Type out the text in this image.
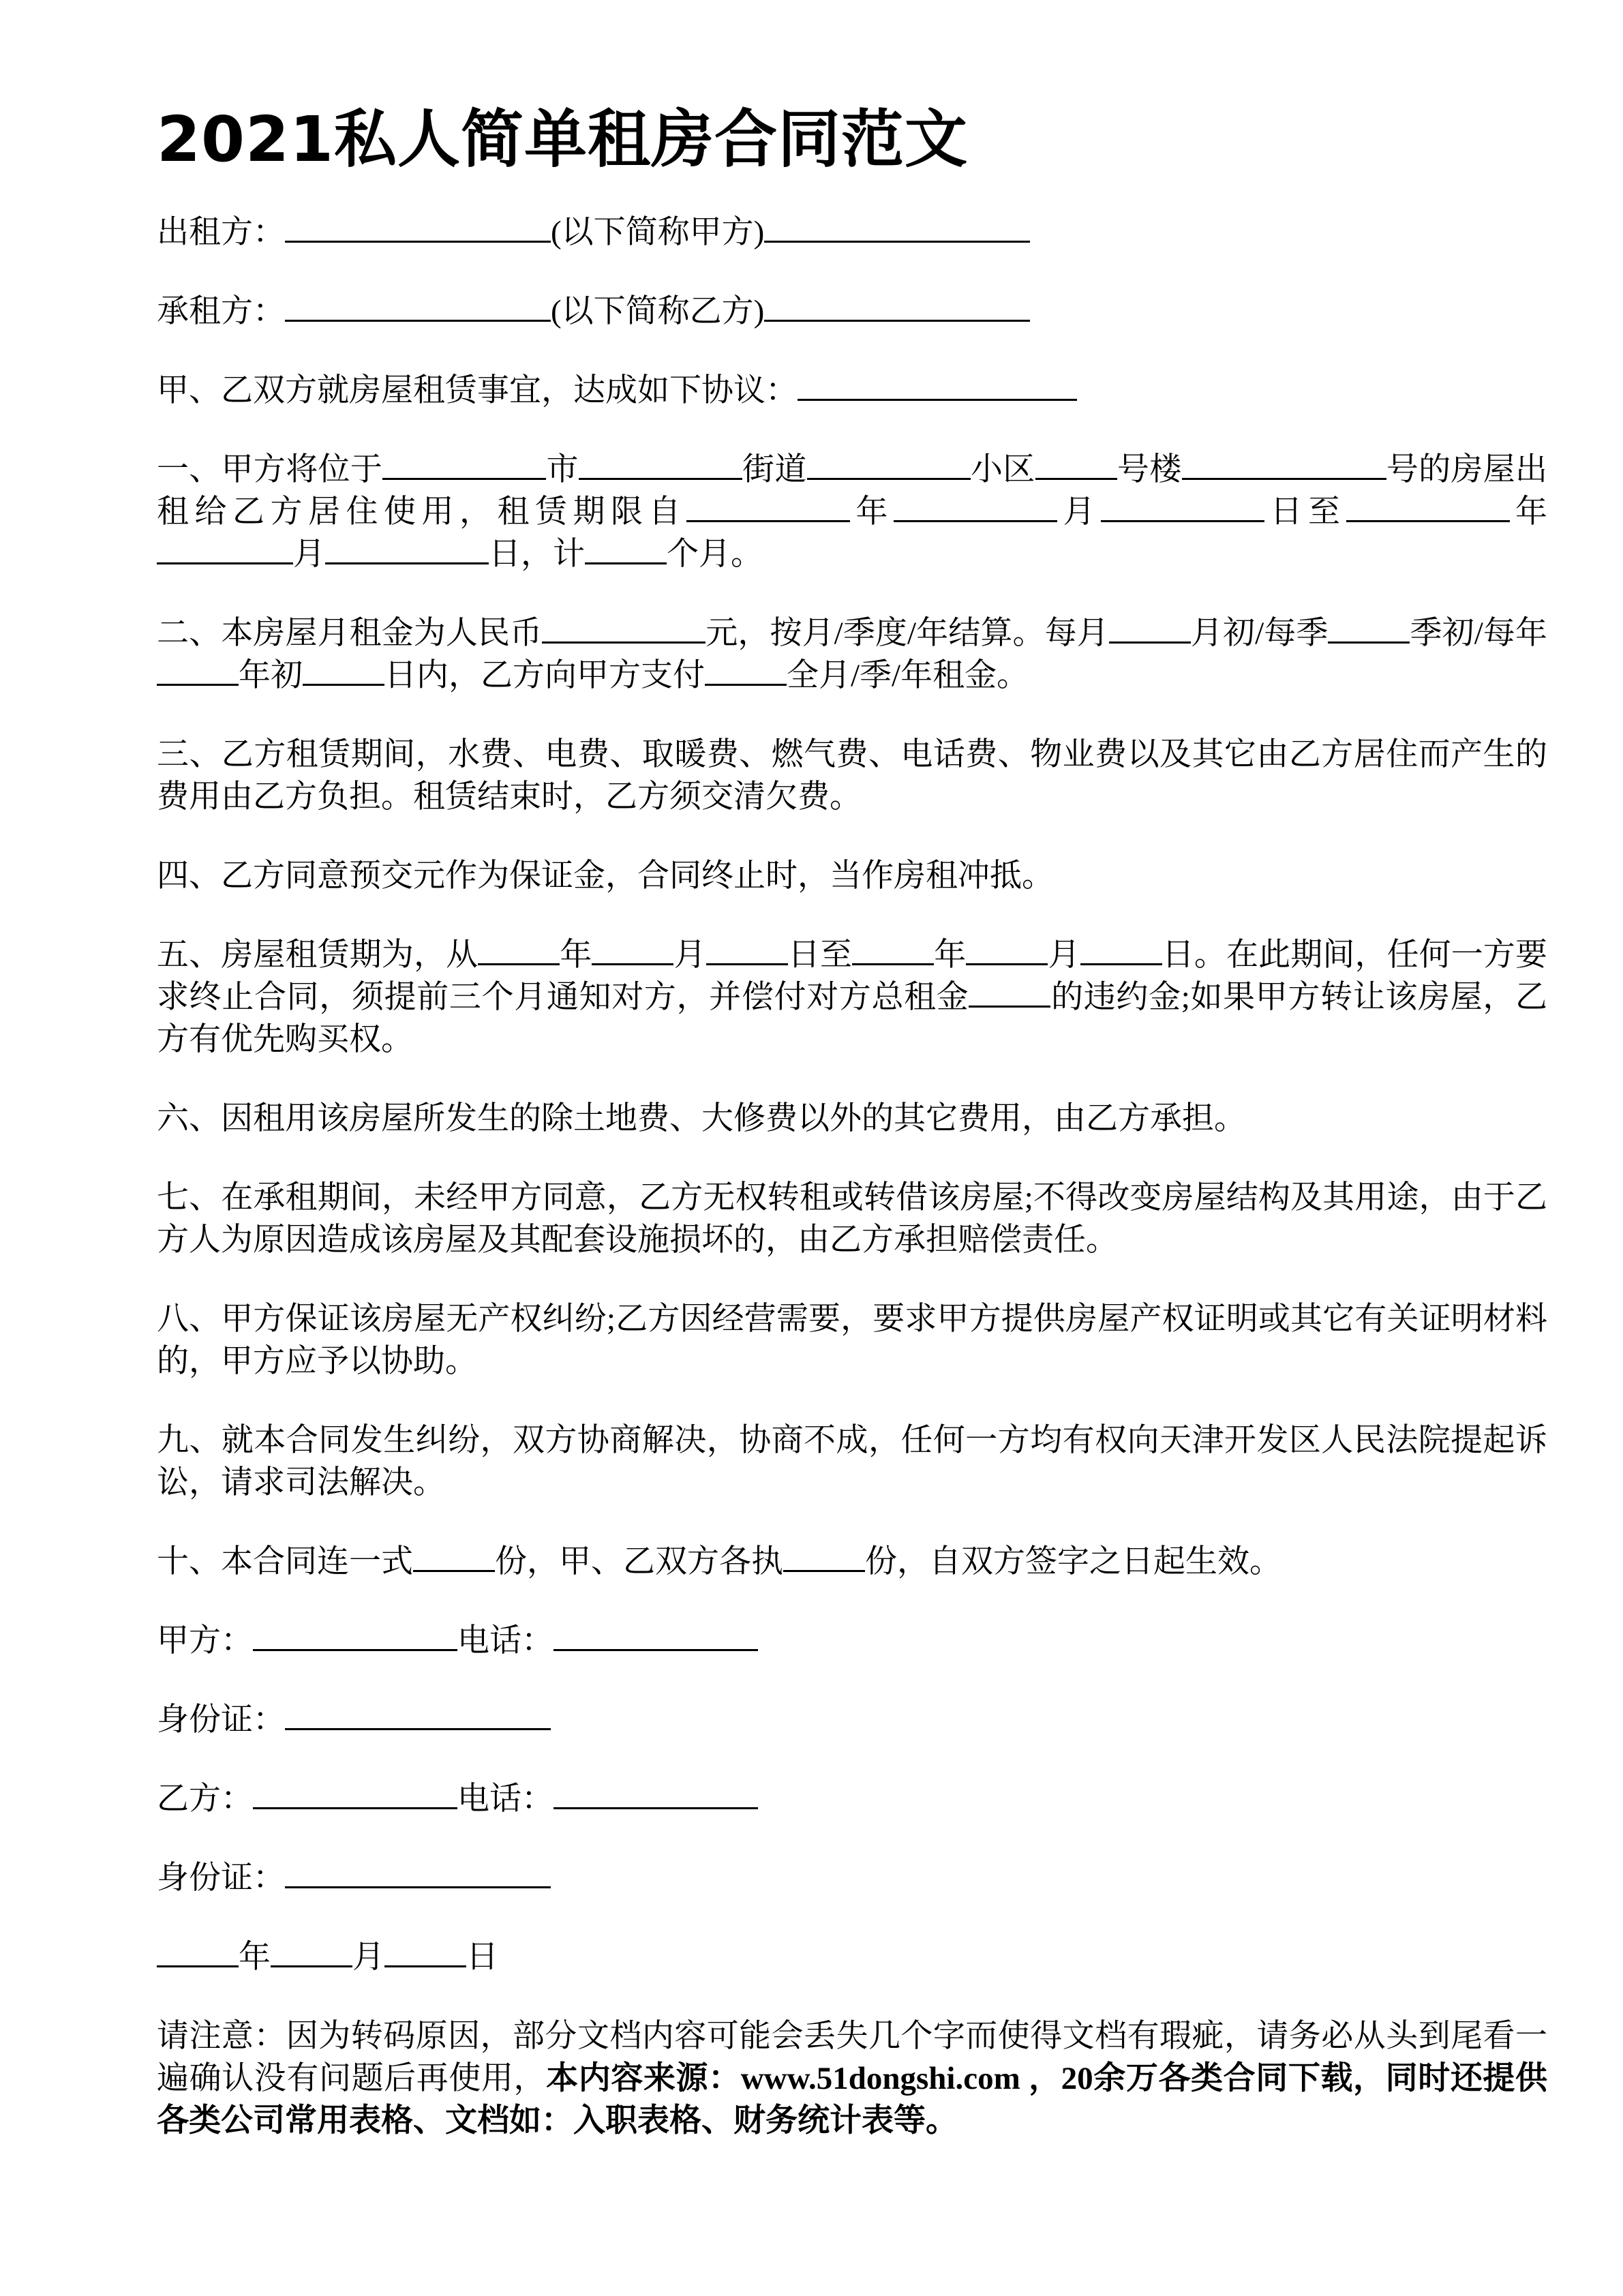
2021私人简单租房合同范文
出租方：	(以下简称甲方)
承租方：	(以下简称乙方)
甲、乙双方就房屋租赁事宜，达成如下协议：
一、甲方将位于	市	街道	小区	号楼	号的房屋出租给乙方居住使用，租赁期限自	年	月	日至	年月	日，计	个月。
二、本房屋月租金为人民币	元，按月/季度/年结算。每月	月初/每季	季初/每年年初	日内，乙方向甲方支付	全月/季/年租金。
三、乙方租赁期间，水费、电费、取暖费、燃气费、电话费、物业费以及其它由乙方居住而产生的费用由乙方负担。租赁结束时，乙方须交清欠费。
四、乙方同意预交元作为保证金，合同终止时，当作房租冲抵。
五、房屋租赁期为，从	年	月	日至	年	月	日。在此期间，任何一方要求终止合同，须提前三个月通知对方，并偿付对方总租金	的违约金;如果甲方转让该房屋，乙方有优先购买权。
六、因租用该房屋所发生的除土地费、大修费以外的其它费用，由乙方承担。
七、在承租期间，未经甲方同意，乙方无权转租或转借该房屋;不得改变房屋结构及其用途，由于乙方人为原因造成该房屋及其配套设施损坏的，由乙方承担赔偿责任。
八、甲方保证该房屋无产权纠纷;乙方因经营需要，要求甲方提供房屋产权证明或其它有关证明材料的，甲方应予以协助。
九、就本合同发生纠纷，双方协商解决，协商不成，任何一方均有权向天津开发区人民法院提起诉讼，请求司法解决。
十、本合同连一式	份，甲、乙双方各执	份，自双方签字之日起生效。
甲方：	电话：
身份证：
乙方：	电话：
身份证：
年	月	日
请注意：因为转码原因，部分文档内容可能会丢失几个字而使得文档有瑕疵，请务必从头到尾看一遍确认没有问题后再使用，本内容来源：www.51dongshi.com ，20余万各类合同下载，同时还提供各类公司常用表格、文档如：入职表格、财务统计表等。
